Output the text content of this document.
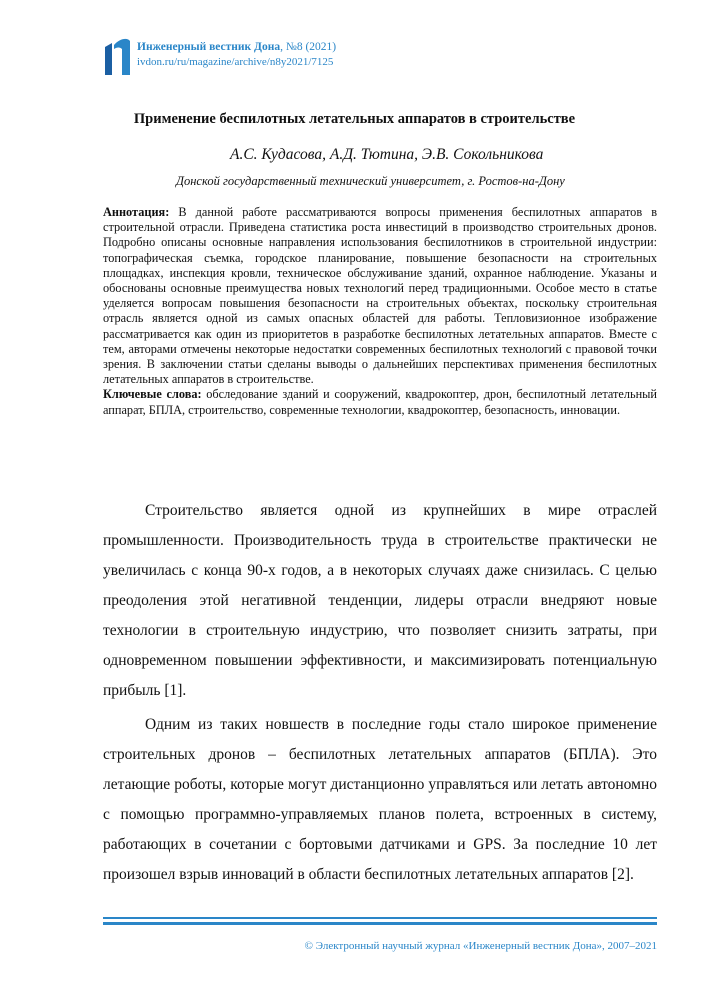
Инженерный вестник Дона, №8 (2021)
ivdon.ru/ru/magazine/archive/n8y2021/7125
Применение беспилотных летательных аппаратов в строительстве
А.С. Кудасова, А.Д. Тютина, Э.В. Сокольникова
Донской государственный технический университет, г. Ростов-на-Дону

Аннотация: В данной работе рассматриваются вопросы применения беспилотных аппаратов в строительной отрасли. Приведена статистика роста инвестиций в производство строительных дронов. Подробно описаны основные направления использования беспилотников в строительной индустрии: топографическая съемка, городское планирование, повышение безопасности на строительных площадках, инспекция кровли, техническое обслуживание зданий, охранное наблюдение. Указаны и обоснованы основные преимущества новых технологий перед традиционными. Особое место в статье уделяется вопросам повышения безопасности на строительных объектах, поскольку строительная отрасль является одной из самых опасных областей для работы. Тепловизионное изображение рассматривается как один из приоритетов в разработке беспилотных летательных аппаратов. Вместе с тем, авторами отмечены некоторые недостатки современных беспилотных технологий с правовой точки зрения. В заключении статьи сделаны выводы о дальнейших перспективах применения беспилотных летательных аппаратов в строительстве.

Ключевые слова: обследование зданий и сооружений, квадрокоптер, дрон, беспилотный летательный аппарат, БПЛА, строительство, современные технологии, квадрокоптер, безопасность, инновации.

Строительство является одной из крупнейших в мире отраслей промышленности. Производительность труда в строительстве практически не увеличилась с конца 90-х годов, а в некоторых случаях даже снизилась. С целью преодоления этой негативной тенденции, лидеры отрасли внедряют новые технологии в строительную индустрию, что позволяет снизить затраты, при одновременном повышении эффективности, и максимизировать потенциальную прибыль [1].

Одним из таких новшеств в последние годы стало широкое применение строительных дронов – беспилотных летательных аппаратов (БПЛА). Это летающие роботы, которые могут дистанционно управляться или летать автономно с помощью программно-управляемых планов полета, встроенных в систему, работающих в сочетании с бортовыми датчиками и GPS. За последние 10 лет произошел взрыв инноваций в области беспилотных летательных аппаратов [2].

© Электронный научный журнал «Инженерный вестник Дона», 2007–2021
